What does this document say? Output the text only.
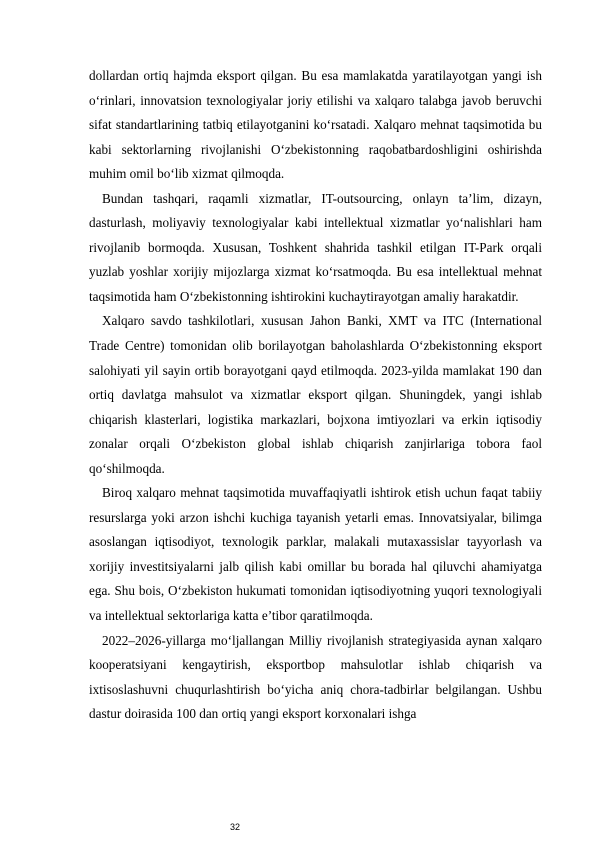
dollardan ortiq hajmda eksport qilgan. Bu esa mamlakatda yaratilayotgan yangi ish o‘rinlari, innovatsion texnologiyalar joriy etilishi va xalqaro talabga javob beruvchi sifat standartlarining tatbiq etilayotganini ko‘rsatadi. Xalqaro mehnat taqsimotida bu kabi sektorlarning rivojlanishi O‘zbekistonning raqobatbardoshligini oshirishda muhim omil bo‘lib xizmat qilmoqda.

Bundan tashqari, raqamli xizmatlar, IT-outsourcing, onlayn ta’lim, dizayn, dasturlash, moliyaviy texnologiyalar kabi intellektual xizmatlar yo‘nalishlari ham rivojlanib bormoqda. Xususan, Toshkent shahrida tashkil etilgan IT-Park orqali yuzlab yoshlar xorijiy mijozlarga xizmat ko‘rsatmoqda. Bu esa intellektual mehnat taqsimotida ham O‘zbekistonning ishtirokini kuchaytirayotgan amaliy harakatdir.

Xalqaro savdo tashkilotlari, xususan Jahon Banki, XMT va ITC (International Trade Centre) tomonidan olib borilayotgan baholashlarda O‘zbekistonning eksport salohiyati yil sayin ortib borayotgani qayd etilmoqda. 2023-yilda mamlakat 190 dan ortiq davlatga mahsulot va xizmatlar eksport qilgan. Shuningdek, yangi ishlab chiqarish klasterlari, logistika markazlari, bojxona imtiyozlari va erkin iqtisodiy zonalar orqali O‘zbekiston global ishlab chiqarish zanjirlariga tobora faol qo‘shilmoqda.

Biroq xalqaro mehnat taqsimotida muvaffaqiyatli ishtirok etish uchun faqat tabiiy resurslarga yoki arzon ishchi kuchiga tayanish yetarli emas. Innovatsiyalar, bilimga asoslangan iqtisodiyot, texnologik parklar, malakali mutaxassislar tayyorlash va xorijiy investitsiyalarni jalb qilish kabi omillar bu borada hal qiluvchi ahamiyatga ega. Shu bois, O‘zbekiston hukumati tomonidan iqtisodiyotning yuqori texnologiyali va intellektual sektorlariga katta e’tibor qaratilmoqda.

2022–2026-yillarga mo‘ljallangan Milliy rivojlanish strategiyasida aynan xalqaro kooperatsiyani kengaytirish, eksportbop mahsulotlar ishlab chiqarish va ixtisoslashuvni chuqurlashtirish bo‘yicha aniq chora-tadbirlar belgilangan. Ushbu dastur doirasida 100 dan ortiq yangi eksport korxonalari ishga

32
